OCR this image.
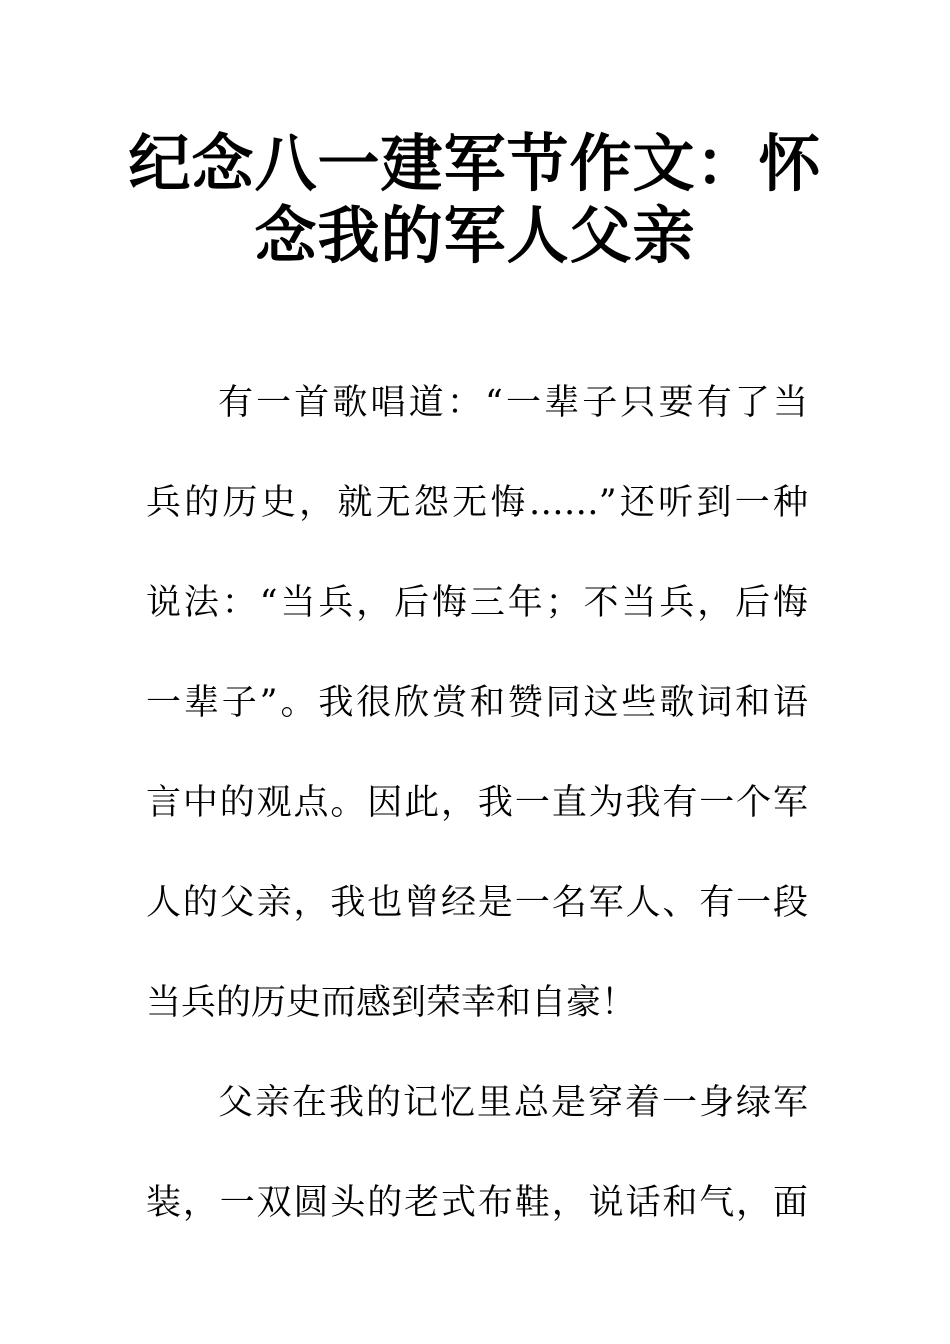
纪念八一建军节作文：怀
念我的军人父亲
有一首歌唱道：“一辈子只要有了当
兵的历史，就无怨无悔……”还听到一种
说法：“当兵，后悔三年；不当兵，后悔
一辈子”。我很欣赏和赞同这些歌词和语
言中的观点。因此，我一直为我有一个军
人的父亲，我也曾经是一名军人、有一段
当兵的历史而感到荣幸和自豪！
父亲在我的记忆里总是穿着一身绿军
装，一双圆头的老式布鞋，说话和气，面
